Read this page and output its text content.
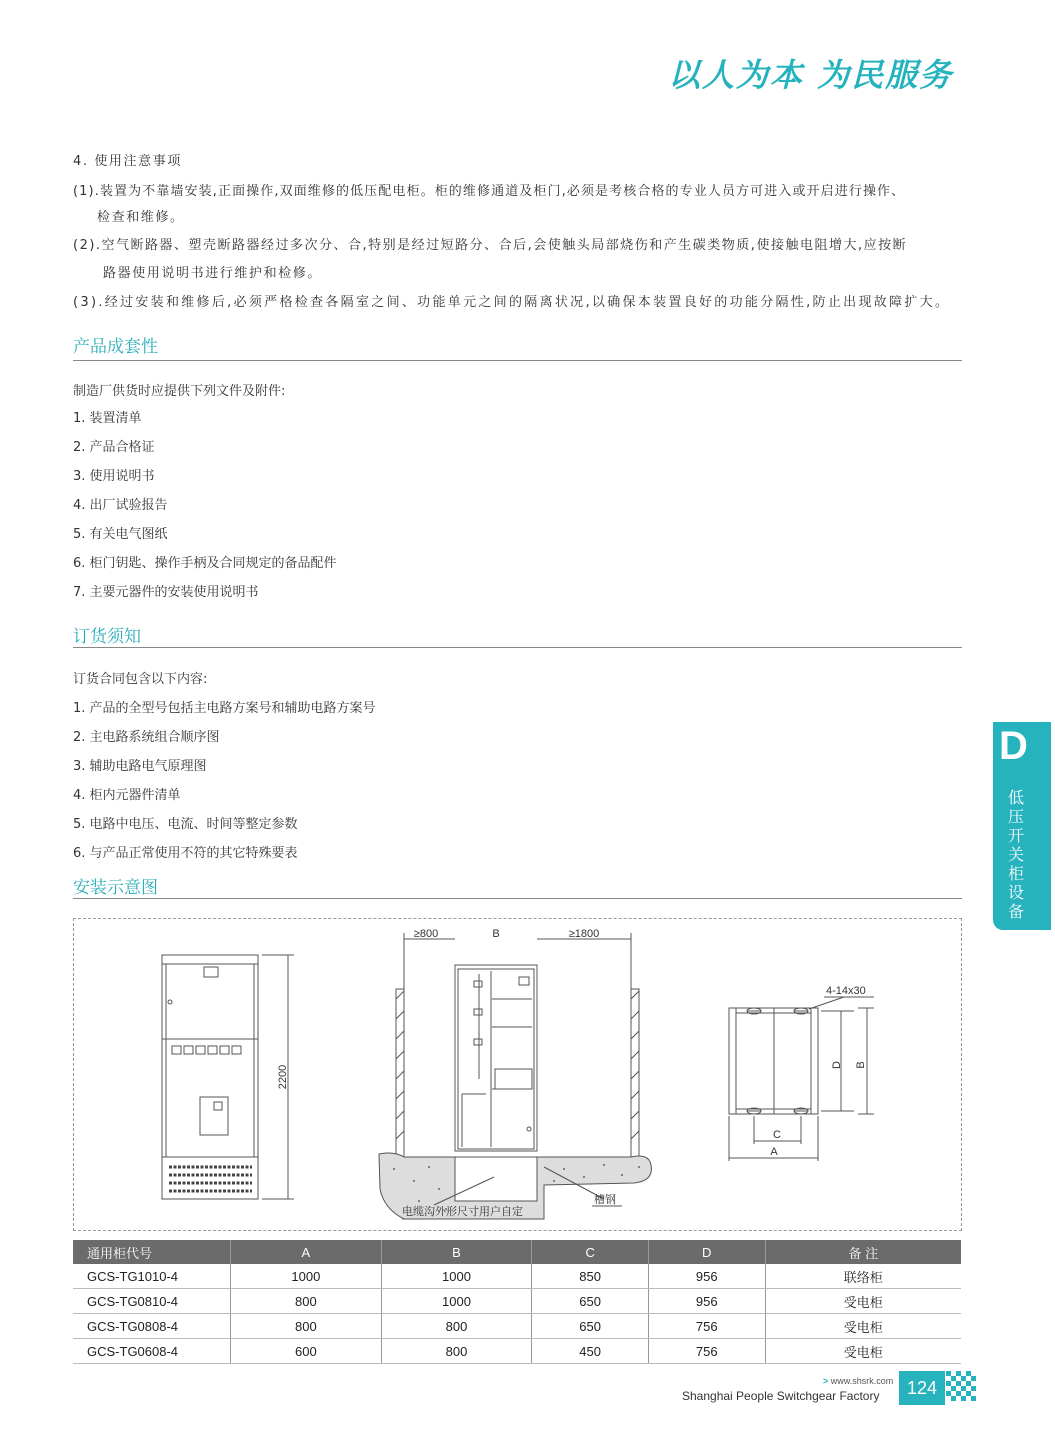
以人为本 为民服务
4. 使用注意事项
(1).装置为不靠墙安装,正面操作,双面维修的低压配电柜。柜的维修通道及柜门,必须是考核合格的专业人员方可进入或开启进行操作、
检查和维修。
(2).空气断路器、塑壳断路器经过多次分、合,特别是经过短路分、合后,会使触头局部烧伤和产生碳类物质,使接触电阻增大,应按断
路器使用说明书进行维护和检修。
(3).经过安装和维修后,必须严格检查各隔室之间、功能单元之间的隔离状况,以确保本装置良好的功能分隔性,防止出现故障扩大。
产品成套性
制造厂供货时应提供下列文件及附件:
1. 装置清单
2. 产品合格证
3. 使用说明书
4. 出厂试验报告
5. 有关电气图纸
6. 柜门钥匙、操作手柄及合同规定的备品配件
7. 主要元器件的安装使用说明书
订货须知
订货合同包含以下内容:
1. 产品的全型号包括主电路方案号和辅助电路方案号
2. 主电路系统组合顺序图
3. 辅助电路电气原理图
4. 柜内元器件清单
5. 电路中电压、电流、时间等整定参数
6. 与产品正常使用不符的其它特殊要表
安装示意图
2200
≥800	B	≥1800
电缆沟外形尺寸用户自定
槽钢
4-14x30
D B
C
A
通用柜代号	A	B	C	D	备 注
GCS-TG1010-4	1000	1000	850	956	联络柜
GCS-TG0810-4	800	1000	650	956	受电柜
GCS-TG0808-4	800	800	650	756	受电柜
GCS-TG0608-4	600	800	450	756	受电柜
D
低压开关柜设备
> www.shsrk.com
Shanghai People Switchgear Factory	124
